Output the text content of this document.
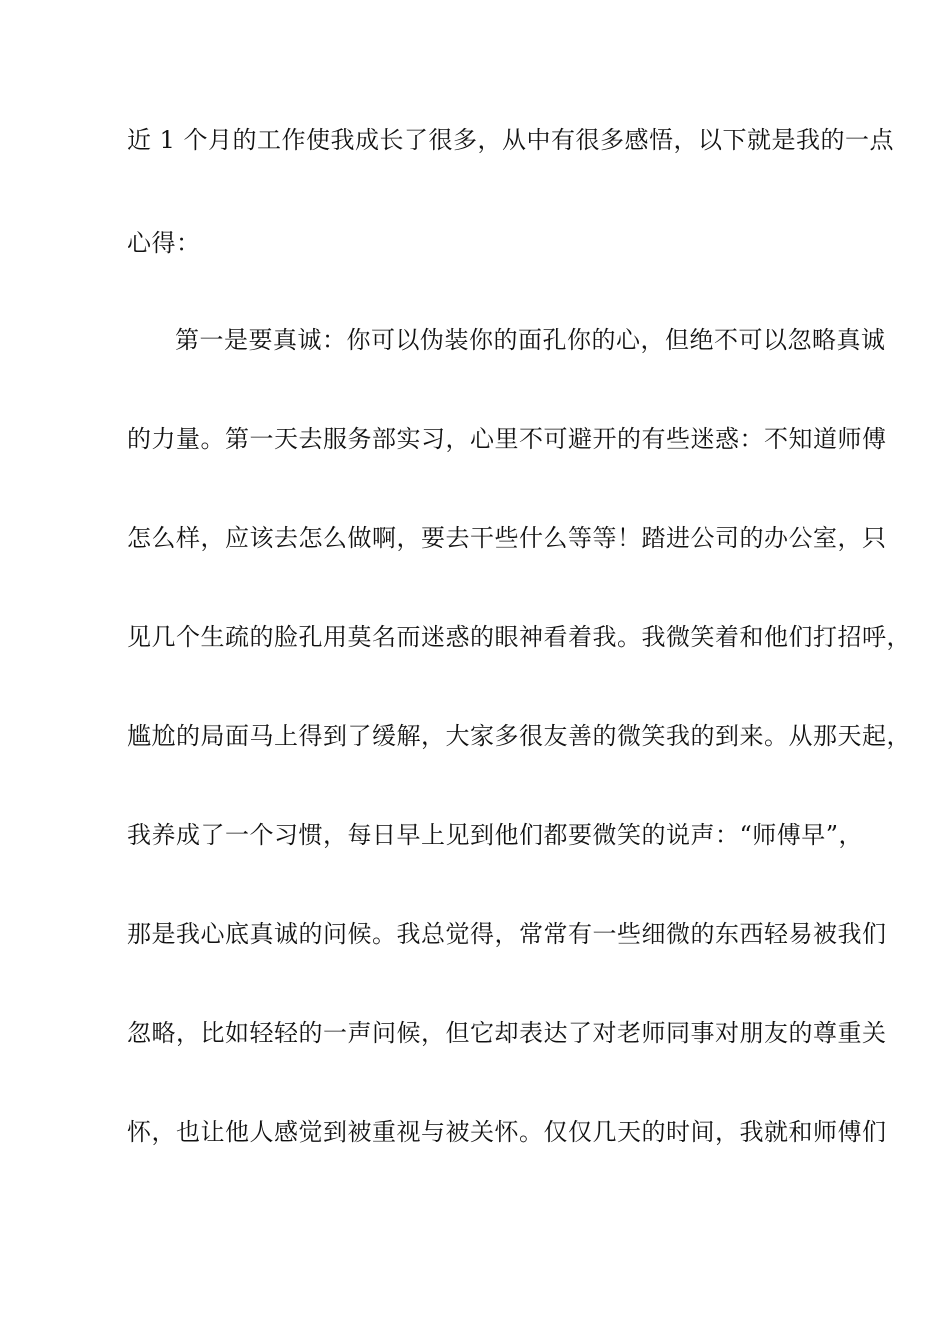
近 1 个月的工作使我成长了很多，从中有很多感悟，以下就是我的一点
心得：
第一是要真诚：你可以伪装你的面孔你的心，但绝不可以忽略真诚
的力量。第一天去服务部实习，心里不可避开的有些迷惑：不知道师傅
怎么样，应该去怎么做啊，要去干些什么等等！踏进公司的办公室，只
见几个生疏的脸孔用莫名而迷惑的眼神看着我。我微笑着和他们打招呼，
尴尬的局面马上得到了缓解，大家多很友善的微笑我的到来。从那天起，
我养成了一个习惯，每日早上见到他们都要微笑的说声：“师傅早”，
那是我心底真诚的问候。我总觉得，常常有一些细微的东西轻易被我们
忽略，比如轻轻的一声问候，但它却表达了对老师同事对朋友的尊重关
怀，也让他人感觉到被重视与被关怀。仅仅几天的时间，我就和师傅们
